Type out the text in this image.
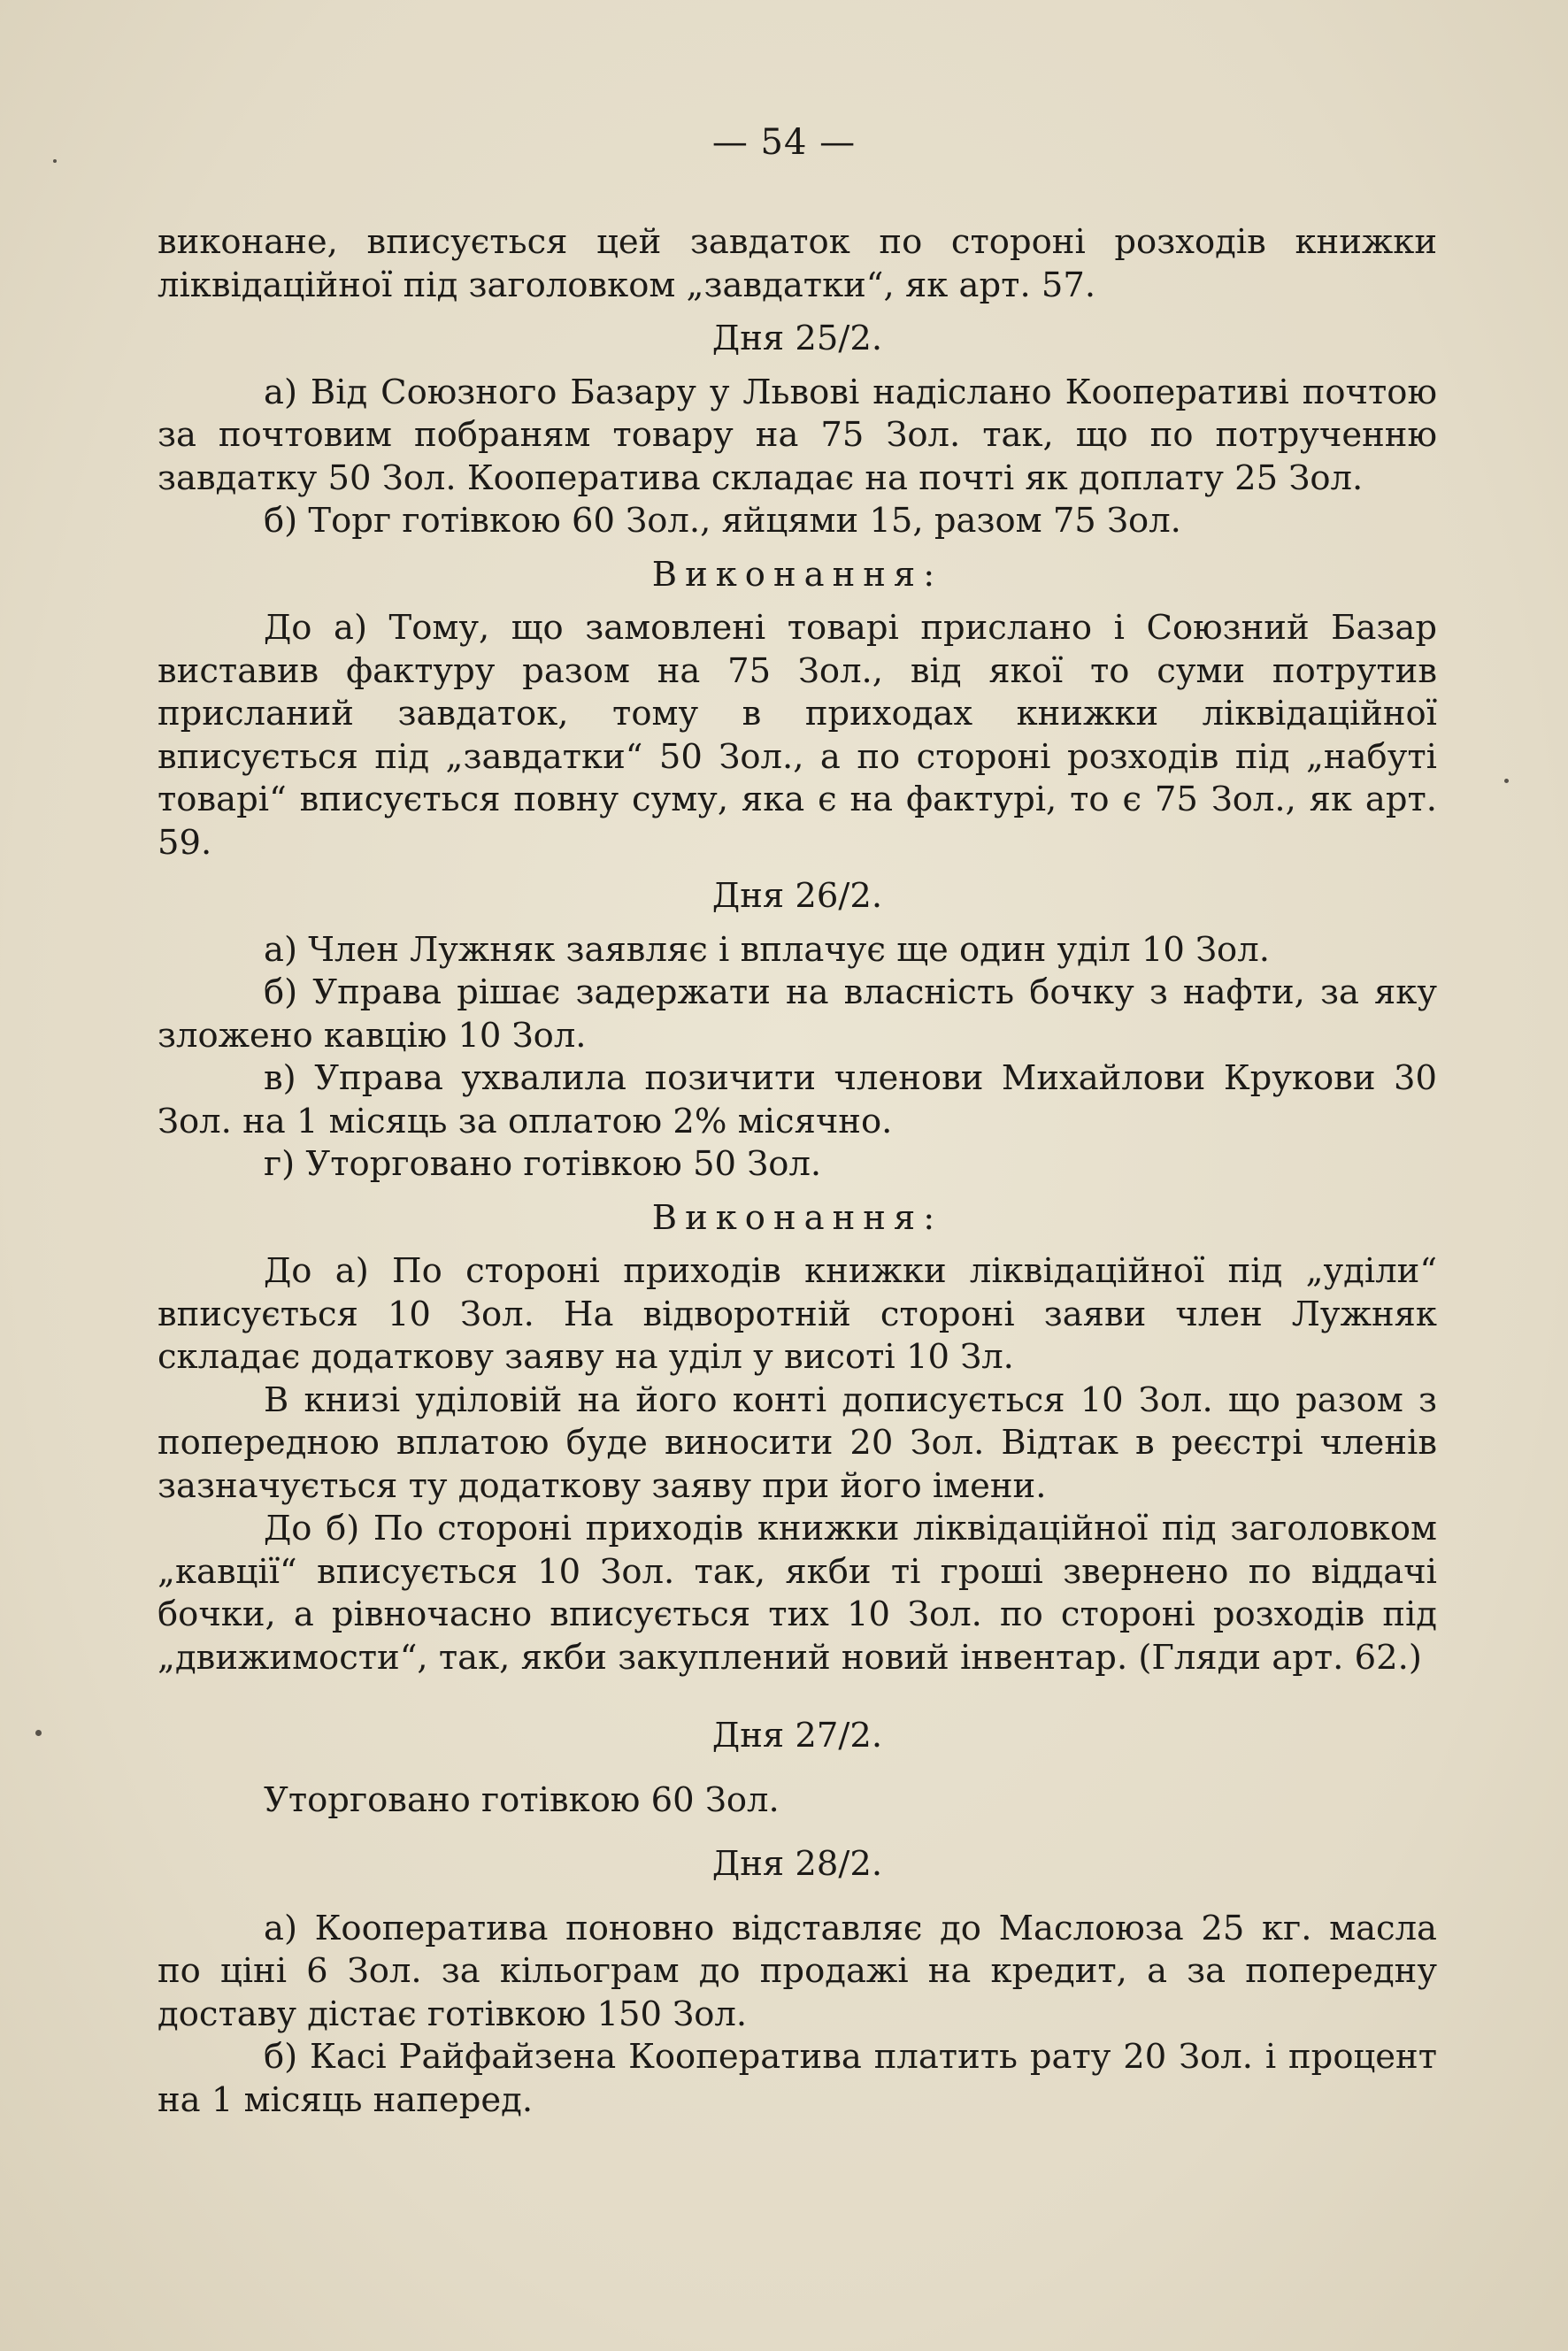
— 54 —

виконане, вписується цей завдаток по стороні розходів книжки ліквідаційної під заголовком „завдатки“, як арт. 57.

Дня 25/2.

а) Від Союзного Базару у Львові надіслано Кооперативі почтою за почтовим побраням товару на 75 Зол. так, що по потрученню завдатку 50 Зол. Кооператива складає на почті як доплату 25 Зол.

б) Торг готівкою 60 Зол., яйцями 15, разом 75 Зол.

Виконання:

До а) Тому, що замовлені товарі прислано і Союзний Базар виставив фактуру разом на 75 Зол., від якої то суми потрутив присланий завдаток, тому в приходах книжки ліквідаційної вписується під „завдатки“ 50 Зол., а по стороні розходів під „набуті товарі“ вписується повну суму, яка є на фактурі, то є 75 Зол., як арт. 59.

Дня 26/2.

а) Член Лужняк заявляє і вплачує ще один уділ 10 Зол.

б) Управа рішає задержати на власність бочку з нафти, за яку зложено кавцію 10 Зол.

в) Управа ухвалила позичити членови Михайлови Крукови 30 Зол. на 1 місяць за оплатою 2% місячно.

г) Уторговано готівкою 50 Зол.

Виконання:

До а) По стороні приходів книжки ліквідаційної під „уділи“ вписується 10 Зол. На відворотній стороні заяви член Лужняк складає додаткову заяву на уділ у висоті 10 Зл.

В книзі уділовій на його конті дописується 10 Зол. що разом з попередною вплатою буде виносити 20 Зол. Відтак в реєстрі членів зазначується ту додаткову заяву при його імени.

До б) По стороні приходів книжки ліквідаційної під заголовком „кавції“ вписується 10 Зол. так, якби ті гроші звернено по віддачі бочки, а рівночасно вписується тих 10 Зол. по стороні розходів під „движимости“, так, якби закуплений новий інвентар. (Гляди арт. 62.)

Дня 27/2.

Уторговано готівкою 60 Зол.

Дня 28/2.

а) Кооператива поновно відставляє до Маслоюза 25 кг. масла по ціні 6 Зол. за кільограм до продажі на кредит, а за попередну доставу дістає готівкою 150 Зол.

б) Касі Райфайзена Кооператива платить рату 20 Зол. і процент на 1 місяць наперед.
